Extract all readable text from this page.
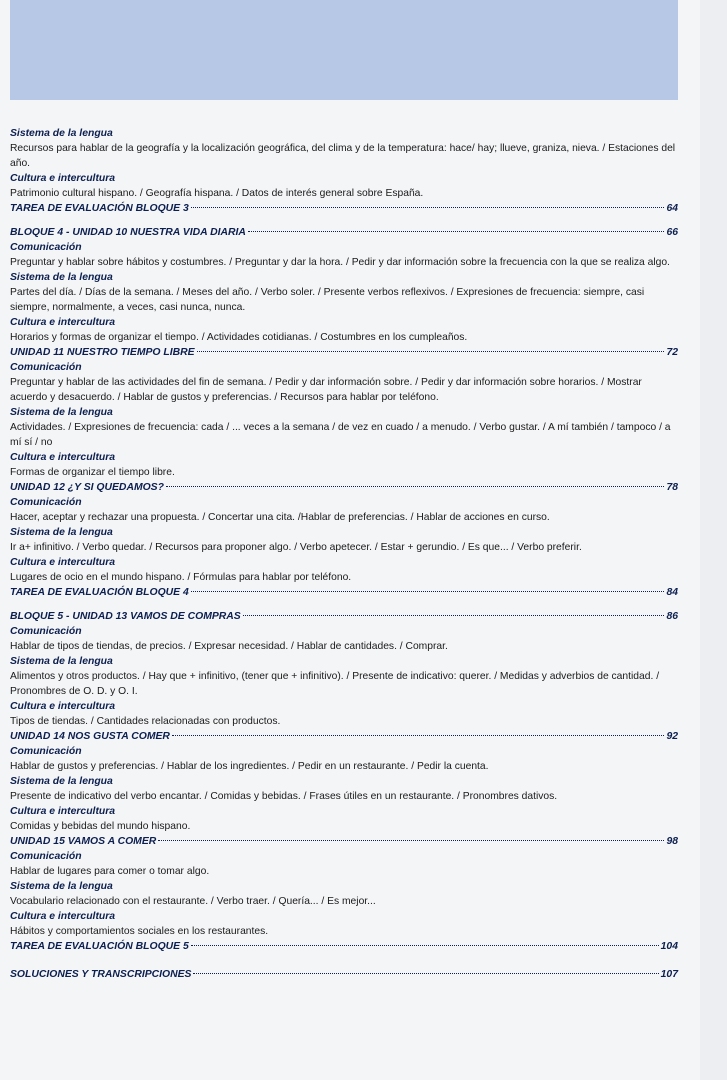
Sistema de la lengua
Recursos para hablar de la geografía y la localización geográfica, del clima y de la temperatura: hace/ hay; llueve, graniza, nieva. / Estaciones del año.
Cultura e intercultura
Patrimonio cultural hispano. / Geografía hispana. / Datos de interés general sobre España.
TAREA DE EVALUACIÓN BLOQUE 3	64
BLOQUE 4 - UNIDAD 10 NUESTRA VIDA DIARIA	66
Comunicación
Preguntar y hablar sobre hábitos y costumbres. / Preguntar y dar la hora. / Pedir y dar información sobre la frecuencia con la que se realiza algo.
Sistema de la lengua
Partes del día. / Días de la semana. / Meses del año. / Verbo soler. / Presente verbos reflexivos. / Expresiones de frecuencia: siempre, casi siempre, normalmente, a veces, casi nunca, nunca.
Cultura e intercultura
Horarios y formas de organizar el tiempo. / Actividades cotidianas. / Costumbres en los cumpleaños.
UNIDAD 11 NUESTRO TIEMPO LIBRE	72
Comunicación
Preguntar y hablar de las actividades del fin de semana. / Pedir y dar información sobre. / Pedir y dar información sobre horarios. / Mostrar acuerdo y desacuerdo. / Hablar de gustos y preferencias. / Recursos para hablar por teléfono.
Sistema de la lengua
Actividades. / Expresiones de frecuencia: cada / ... veces a la semana / de vez en cuado / a menudo. / Verbo gustar. / A mí también / tampoco / a mí sí / no
Cultura e intercultura
Formas de organizar el tiempo libre.
UNIDAD 12 ¿Y SI QUEDAMOS?	78
Comunicación
Hacer, aceptar y rechazar una propuesta. / Concertar una cita. /Hablar de preferencias. / Hablar de acciones en curso.
Sistema de la lengua
Ir a+ infinitivo. / Verbo quedar. / Recursos para proponer algo. / Verbo apetecer. / Estar + gerundio. / Es que... / Verbo preferir.
Cultura e intercultura
Lugares de ocio en el mundo hispano. / Fórmulas para hablar por teléfono.
TAREA DE EVALUACIÓN BLOQUE 4	84
BLOQUE 5 - UNIDAD 13 VAMOS DE COMPRAS	86
Comunicación
Hablar de tipos de tiendas, de precios. / Expresar necesidad. / Hablar de cantidades. / Comprar.
Sistema de la lengua
Alimentos y otros productos. / Hay que + infinitivo, (tener que + infinitivo). / Presente de indicativo: querer. / Medidas y adverbios de cantidad. / Pronombres de O. D. y O. I.
Cultura e intercultura
Tipos de tiendas. / Cantidades relacionadas con productos.
UNIDAD 14 NOS GUSTA COMER	92
Comunicación
Hablar de gustos y preferencias. / Hablar de los ingredientes. / Pedir en un restaurante. / Pedir la cuenta.
Sistema de la lengua
Presente de indicativo del verbo encantar. / Comidas y bebidas. / Frases útiles en un restaurante. / Pronombres dativos.
Cultura e intercultura
Comidas y bebidas del mundo hispano.
UNIDAD 15 VAMOS A COMER	98
Comunicación
Hablar de lugares para comer o tomar algo.
Sistema de la lengua
Vocabulario relacionado con el restaurante. / Verbo traer. / Quería... / Es mejor...
Cultura e intercultura
Hábitos y comportamientos sociales en los restaurantes.
TAREA DE EVALUACIÓN BLOQUE 5	104
SOLUCIONES Y TRANSCRIPCIONES	107
